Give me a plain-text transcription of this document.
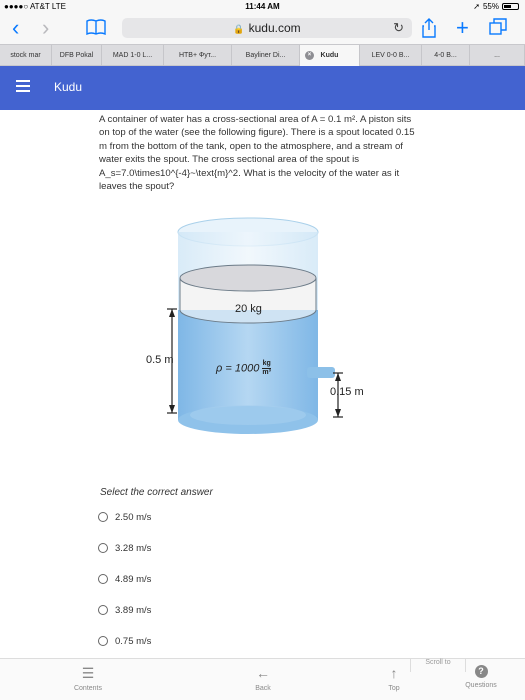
●●●●○ AT&T LTE	11:44 AM	➚ 55%
‹ ›	🔒 kudu.com	↻ +
stock mar	DFB Pokal	MAD 1-0 L...	НТВ+ Фут...	Bayliner Di...	×	Kudu	LEV 0-0 B...	4-0 B...	...
Kudu
A container of water has a cross-sectional area of A = 0.1 m². A piston sits on top of the water (see the following figure). There is a spout located 0.15 m from the bottom of the tank, open to the atmosphere, and a stream of water exits the spout. The cross sectional area of the spout is A_s=7.0\times10^{-4}~\text{m}^2. What is the velocity of the water as it leaves the spout?
20 kg
0.5 m
$\rho = 1000 \frac{kg}{\text{m³}}$
0.15 m
Select the correct answer
2.50 m/s
3.28 m/s
4.89 m/s
3.89 m/s
0.75 m/s
☰
Contents
←
Back
↑
Top
?
Questions
Scroll to
